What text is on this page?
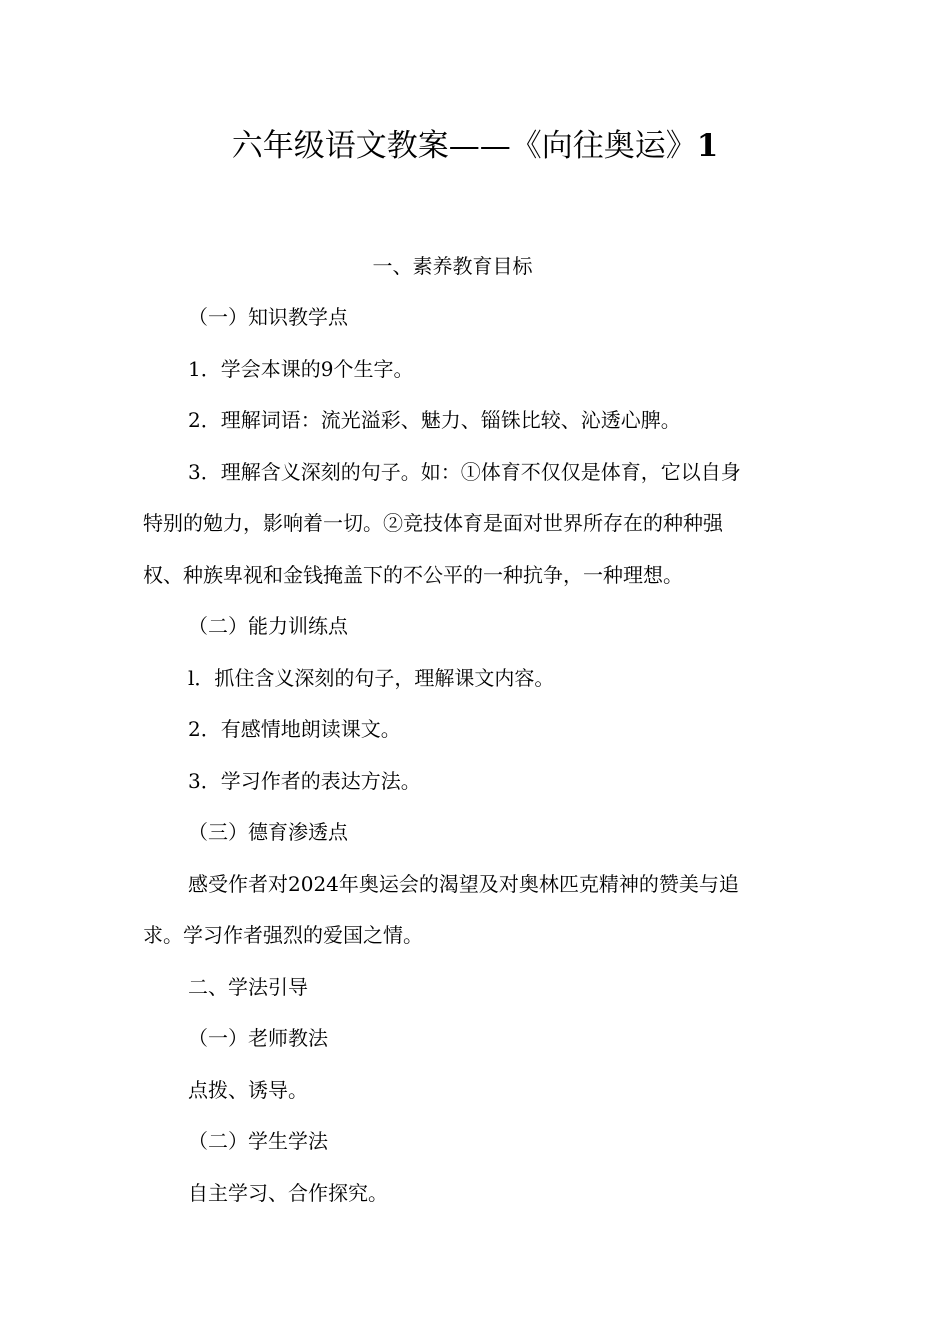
六年级语文教案——《向往奥运》1
一、素养教育目标
（一）知识教学点
1．学会本课的9个生字。
2．理解词语：流光溢彩、魅力、锱铢比较、沁透心脾。
3．理解含义深刻的句子。如：①体育不仅仅是体育，它以自身
特别的勉力，影响着一切。②竞技体育是面对世界所存在的种种强
权、种族卑视和金钱掩盖下的不公平的一种抗争，一种理想。
（二）能力训练点
l．抓住含义深刻的句子，理解课文内容。
2．有感情地朗读课文。
3．学习作者的表达方法。
（三）德育渗透点
感受作者对2024年奥运会的渴望及对奥林匹克精神的赞美与追
求。学习作者强烈的爱国之情。
二、学法引导
（一）老师教法
点拨、诱导。
（二）学生学法
自主学习、合作探究。
